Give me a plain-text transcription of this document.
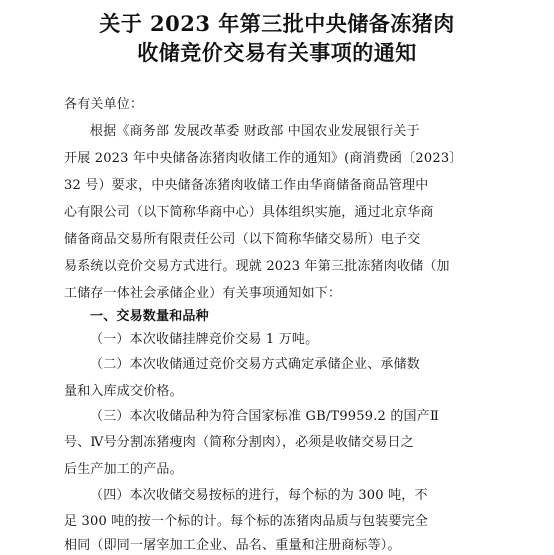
关于 2023 年第三批中央储备冻猪肉
收储竞价交易有关事项的通知
各有关单位：
根据《商务部 发展改革委 财政部 中国农业发展银行关于
开展 2023 年中央储备冻猪肉收储工作的通知》(商消费函〔2023〕
32 号）要求，中央储备冻猪肉收储工作由华商储备商品管理中
心有限公司（以下简称华商中心）具体组织实施，通过北京华商
储备商品交易所有限责任公司（以下简称华储交易所）电子交
易系统以竞价交易方式进行。现就 2023 年第三批冻猪肉收储（加
工储存一体社会承储企业）有关事项通知如下：
一、交易数量和品种
（一）本次收储挂牌竞价交易 1 万吨。
（二）本次收储通过竞价交易方式确定承储企业、承储数
量和入库成交价格。
（三）本次收储品种为符合国家标准 GB/T9959.2 的国产Ⅱ
号、Ⅳ号分割冻猪瘦肉（简称分割肉），必须是收储交易日之
后生产加工的产品。
（四）本次收储交易按标的进行，每个标的为 300 吨，不
足 300 吨的按一个标的计。每个标的冻猪肉品质与包装要完全
相同（即同一屠宰加工企业、品名、重量和注册商标等）。
